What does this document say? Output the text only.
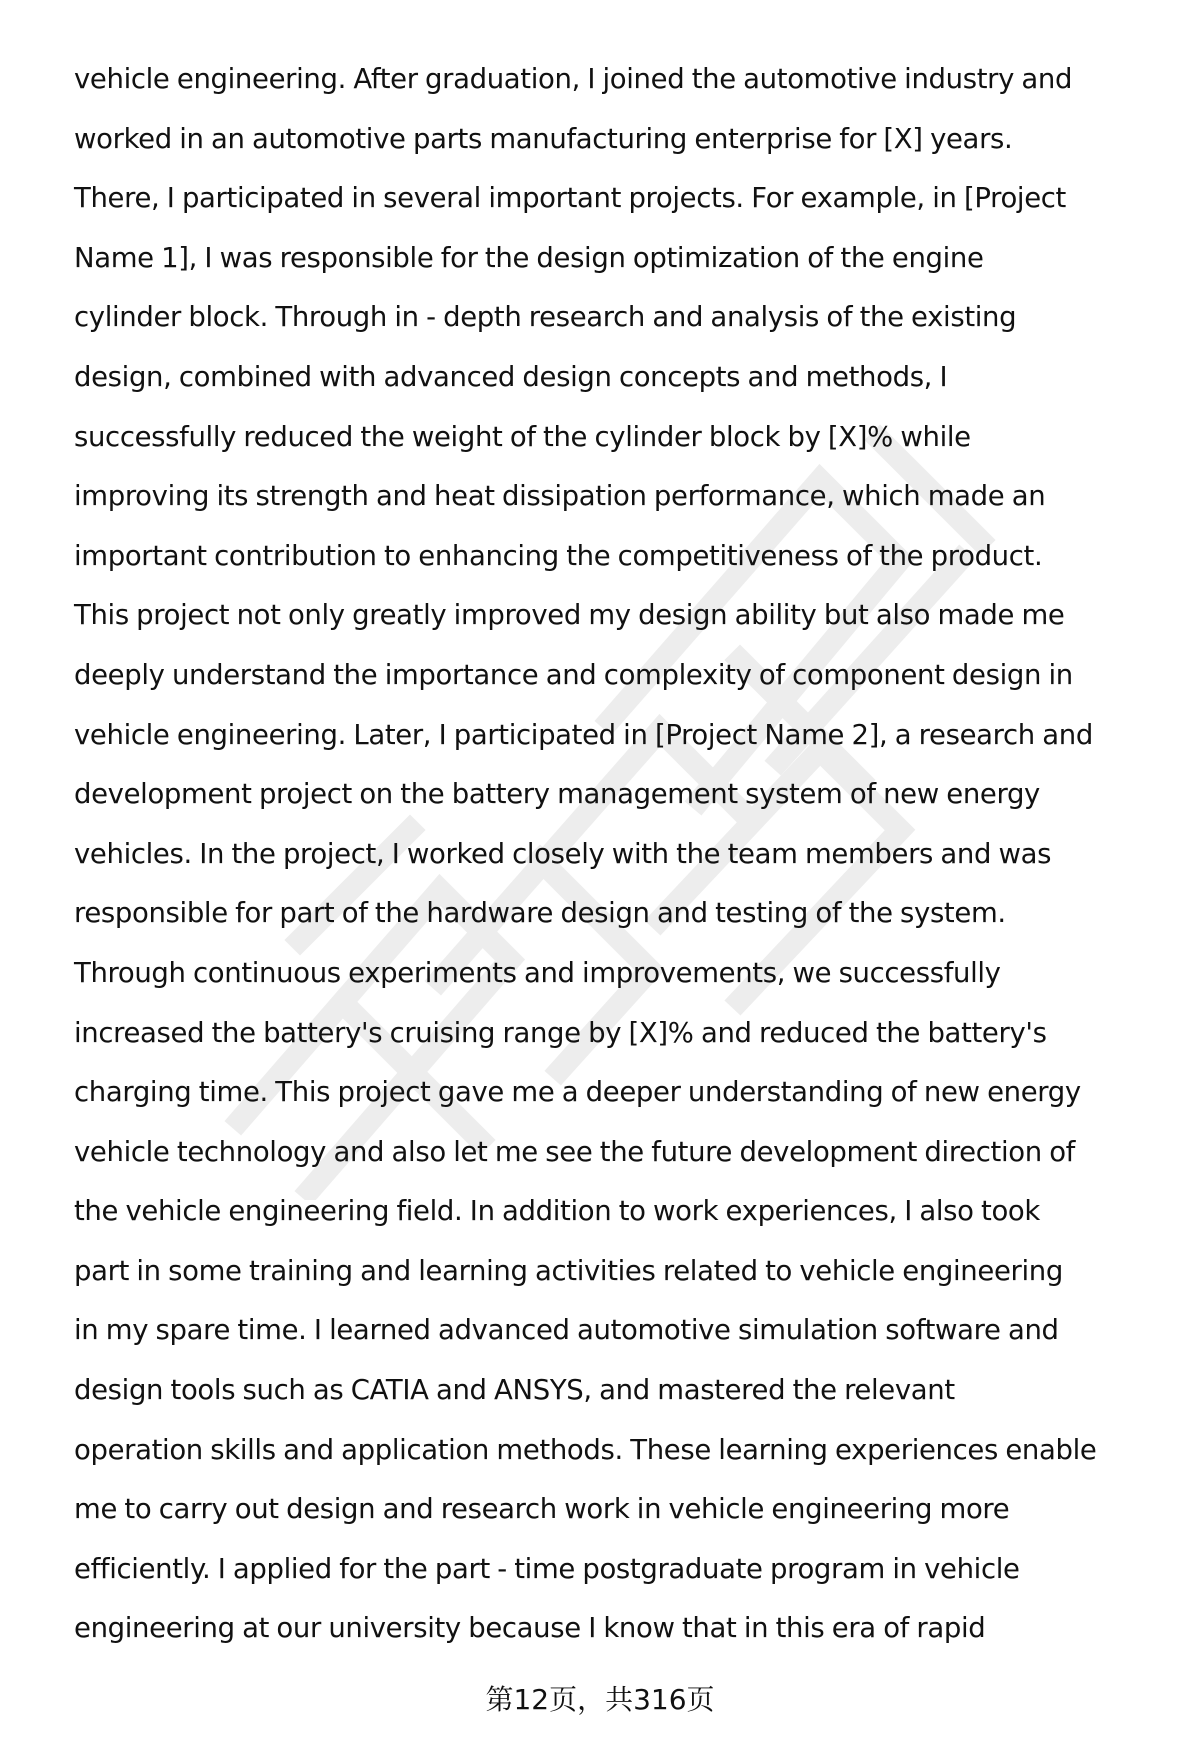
vehicle engineering. After graduation, I joined the automotive industry and
worked in an automotive parts manufacturing enterprise for [X] years.
There, I participated in several important projects. For example, in [Project
Name 1], I was responsible for the design optimization of the engine
cylinder block. Through in - depth research and analysis of the existing
design, combined with advanced design concepts and methods, I
successfully reduced the weight of the cylinder block by [X]% while
improving its strength and heat dissipation performance, which made an
important contribution to enhancing the competitiveness of the product.
This project not only greatly improved my design ability but also made me
deeply understand the importance and complexity of component design in
vehicle engineering. Later, I participated in [Project Name 2], a research and
development project on the battery management system of new energy
vehicles. In the project, I worked closely with the team members and was
responsible for part of the hardware design and testing of the system.
Through continuous experiments and improvements, we successfully
increased the battery's cruising range by [X]% and reduced the battery's
charging time. This project gave me a deeper understanding of new energy
vehicle technology and also let me see the future development direction of
the vehicle engineering field. In addition to work experiences, I also took
part in some training and learning activities related to vehicle engineering
in my spare time. I learned advanced automotive simulation software and
design tools such as CATIA and ANSYS, and mastered the relevant
operation skills and application methods. These learning experiences enable
me to carry out design and research work in vehicle engineering more
efficiently. I applied for the part - time postgraduate program in vehicle
engineering at our university because I know that in this era of rapid
第12页，共316页
